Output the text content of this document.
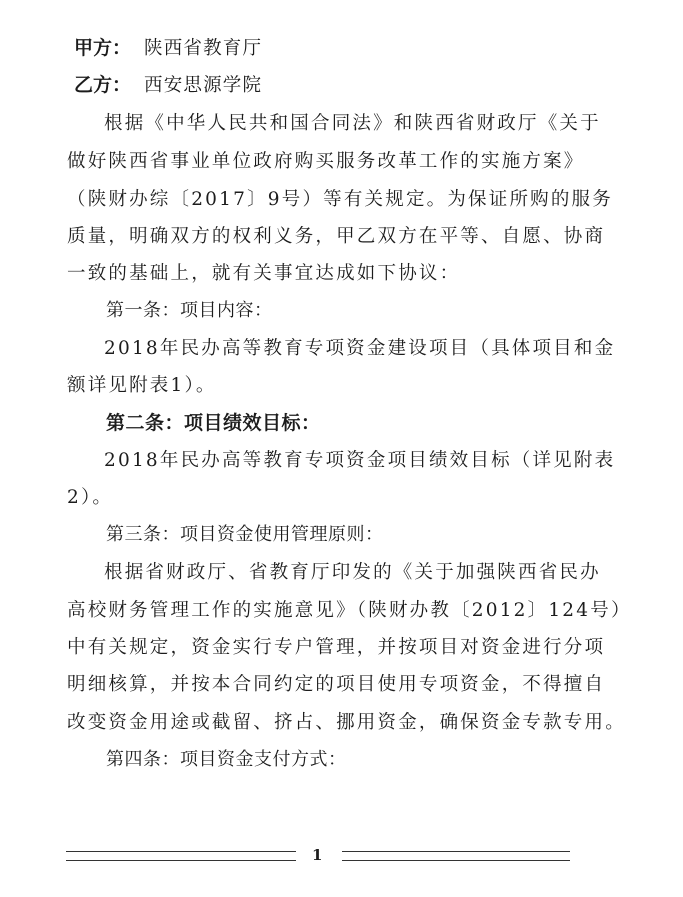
甲方： 陕西省教育厅
乙方： 西安思源学院
根据《中华人民共和国合同法》和陕西省财政厅《关于
做好陕西省事业单位政府购买服务改革工作的实施方案》
（陕财办综〔2017〕9号）等有关规定。为保证所购的服务
质量，明确双方的权利义务，甲乙双方在平等、自愿、协商
一致的基础上，就有关事宜达成如下协议：
第一条：项目内容：
2018年民办高等教育专项资金建设项目（具体项目和金
额详见附表1）。
第二条：项目绩效目标：
2018年民办高等教育专项资金项目绩效目标（详见附表
2）。
第三条：项目资金使用管理原则：
根据省财政厅、省教育厅印发的《关于加强陕西省民办
高校财务管理工作的实施意见》（陕财办教〔2012〕124号）
中有关规定，资金实行专户管理，并按项目对资金进行分项
明细核算，并按本合同约定的项目使用专项资金，不得擅自
改变资金用途或截留、挤占、挪用资金，确保资金专款专用。
第四条：项目资金支付方式：
1
